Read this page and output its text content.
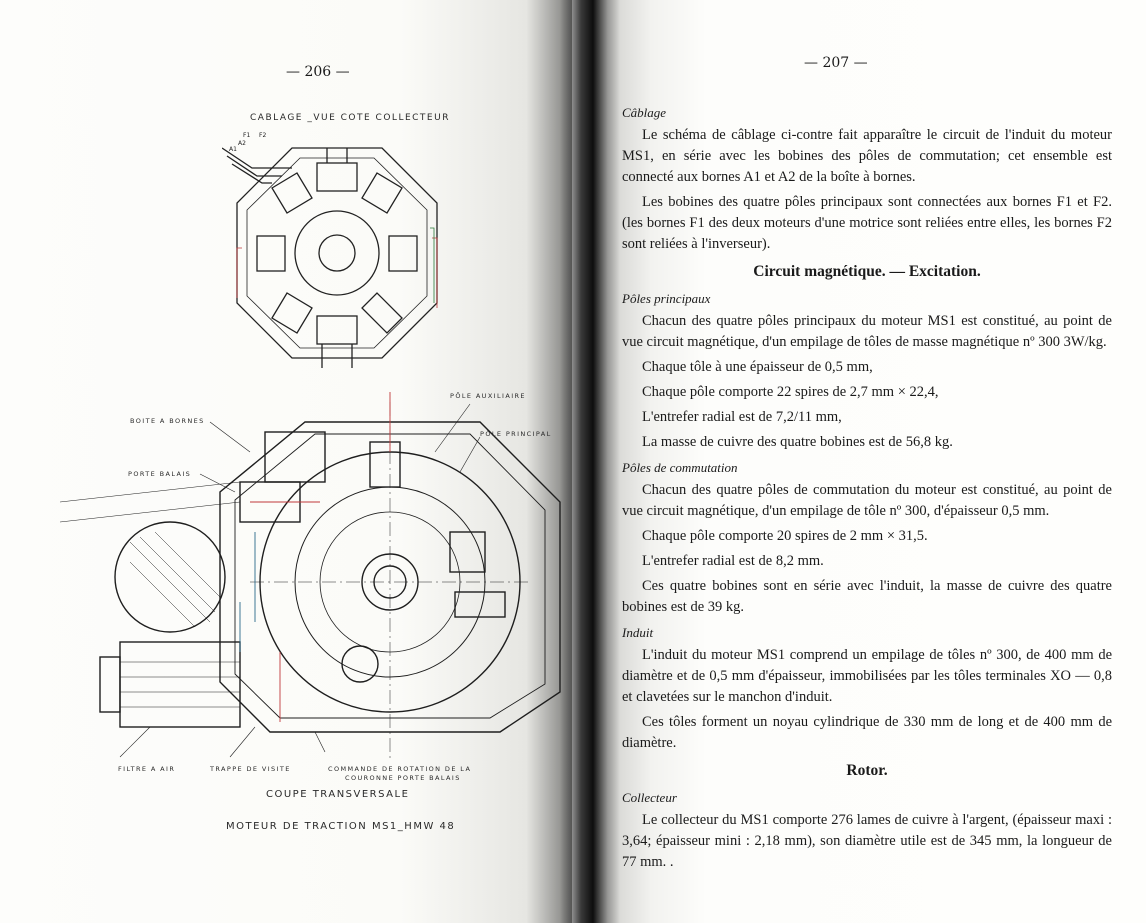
— 206 —
CABLAGE _VUE COTE COLLECTEUR
F1 F2
A1
A2
BOITE A BORNES
PORTE BALAIS
PÔLE AUXILIAIRE
PÔLE PRINCIPAL
FILTRE A AIR	TRAPPE DE VISITE	COMMANDE DE ROTATION DE LA
COURONNE PORTE BALAIS
COUPE TRANSVERSALE
MOTEUR DE TRACTION MS1_HMW 48
— 207 —
Câblage

Le schéma de câblage ci-contre fait apparaître le circuit de l'induit du moteur MS1, en série avec les bobines des pôles de commutation; cet ensemble est connecté aux bornes A1 et A2 de la boîte à bornes.

Les bobines des quatre pôles principaux sont connectées aux bornes F1 et F2. (les bornes F1 des deux moteurs d'une motrice sont reliées entre elles, les bornes F2 sont reliées à l'inverseur).

Circuit magnétique. — Excitation.
Pôles principaux

Chacun des quatre pôles principaux du moteur MS1 est constitué, au point de vue circuit magnétique, d'un empilage de tôles de masse magnétique nº 300 3W/kg.

Chaque tôle à une épaisseur de 0,5 mm,

Chaque pôle comporte 22 spires de 2,7 mm × 22,4,

L'entrefer radial est de 7,2/11 mm,

La masse de cuivre des quatre bobines est de 56,8 kg.

Pôles de commutation

Chacun des quatre pôles de commutation du moteur est constitué, au point de vue circuit magnétique, d'un empilage de tôle nº 300, d'épaisseur 0,5 mm.

Chaque pôle comporte 20 spires de 2 mm × 31,5.

L'entrefer radial est de 8,2 mm.

Ces quatre bobines sont en série avec l'induit, la masse de cuivre des quatre bobines est de 39 kg.

Induit

L'induit du moteur MS1 comprend un empilage de tôles nº 300, de 400 mm de diamètre et de 0,5 mm d'épaisseur, immobilisées par les tôles terminales XO — 0,8 et clavetées sur le manchon d'induit.

Ces tôles forment un noyau cylindrique de 330 mm de long et de 400 mm de diamètre.

Rotor.
Collecteur

Le collecteur du MS1 comporte 276 lames de cuivre à l'argent, (épaisseur maxi : 3,64; épaisseur mini : 2,18 mm), son diamètre utile est de 345 mm, la longueur de 77 mm. .
